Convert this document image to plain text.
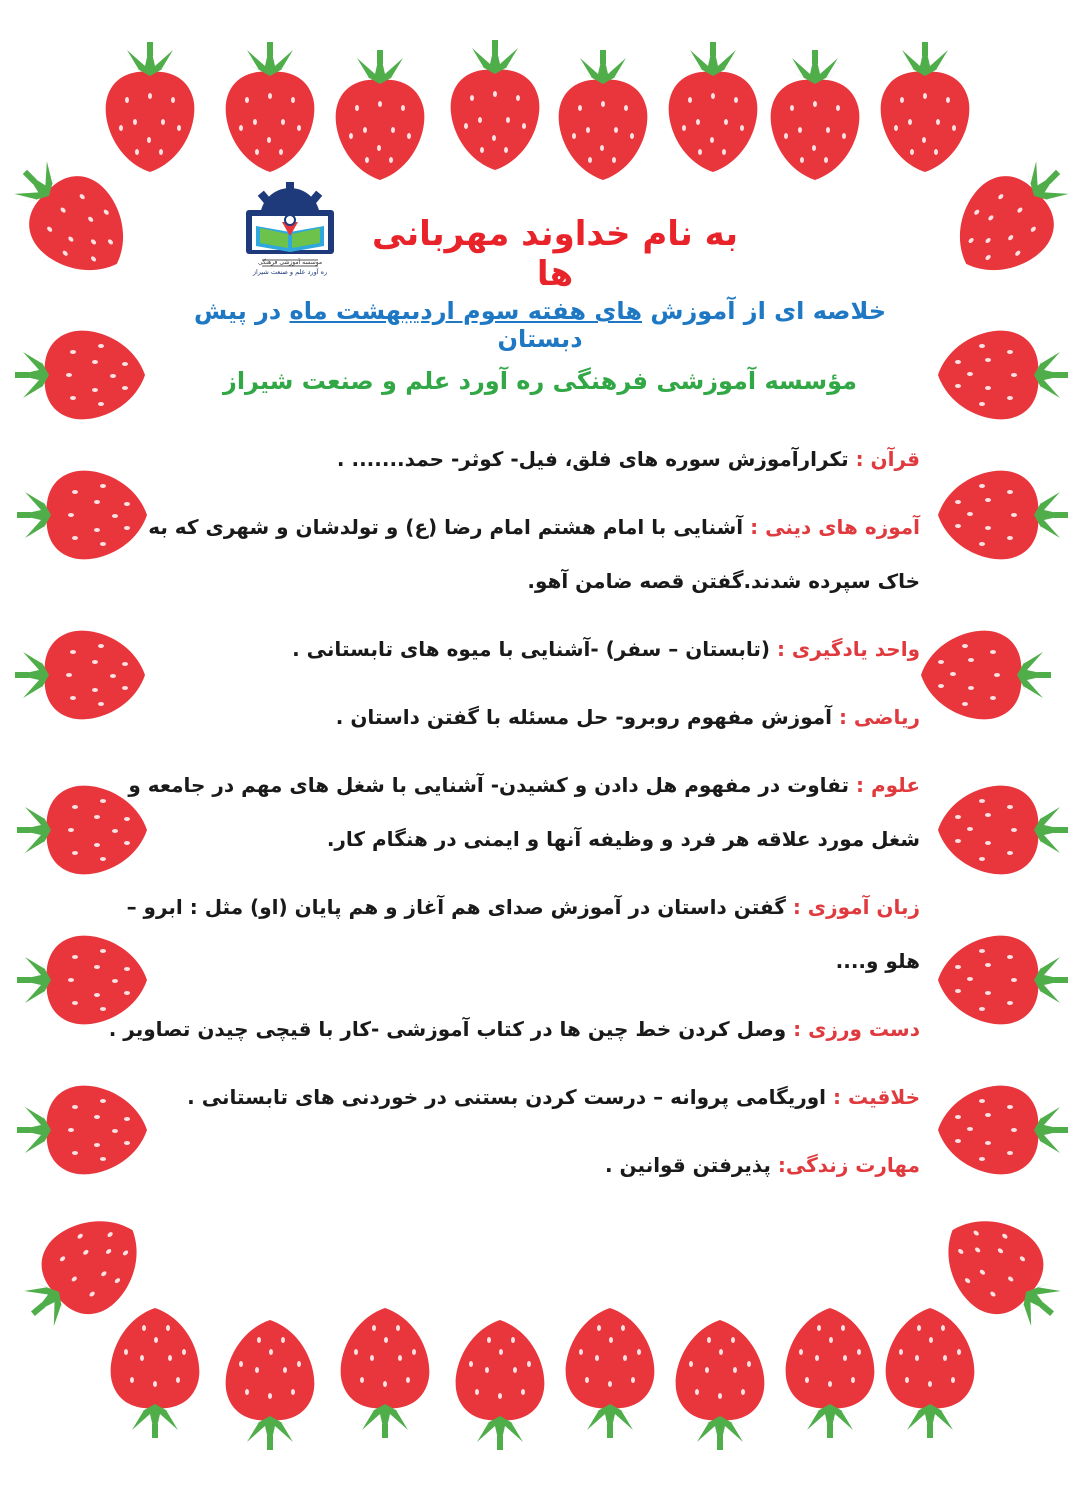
موسسه آموزشی فرهنگی
ره آورد علم و صنعت شیراز
به نام خداوند مهربانی ها
خلاصه ای از آموزش های هفته سوم اردیبهشت ماه در پیش دبستان
مؤسسه آموزشی فرهنگی ره آورد علم و صنعت شیراز
قرآن : تکرارآموزش سوره های فلق، فیل- کوثر- حمد....... .
آموزه های دینی : آشنایی با امام هشتم امام رضا (ع) و تولدشان و شهری که به خاک سپرده شدند.گفتن قصه ضامن آهو.
واحد یادگیری : (تابستان – سفر) -آشنایی با میوه های تابستانی .
ریاضی : آموزش مفهوم روبرو- حل مسئله با گفتن داستان .
علوم : تفاوت در مفهوم هل دادن و کشیدن- آشنایی با شغل های مهم در جامعه و شغل مورد علاقه هر فرد و وظیفه آنها و ایمنی در هنگام کار.
زبان آموزی : گفتن داستان در آموزش صدای هم آغاز و هم پایان (او) مثل : ابرو – هلو و....
دست ورزی : وصل کردن خط چین ها در کتاب آموزشی -کار با قیچی چیدن تصاویر .
خلاقیت : اوریگامی پروانه – درست کردن بستنی در خوردنی های تابستانی .
مهارت زندگی: پذیرفتن قوانین .
